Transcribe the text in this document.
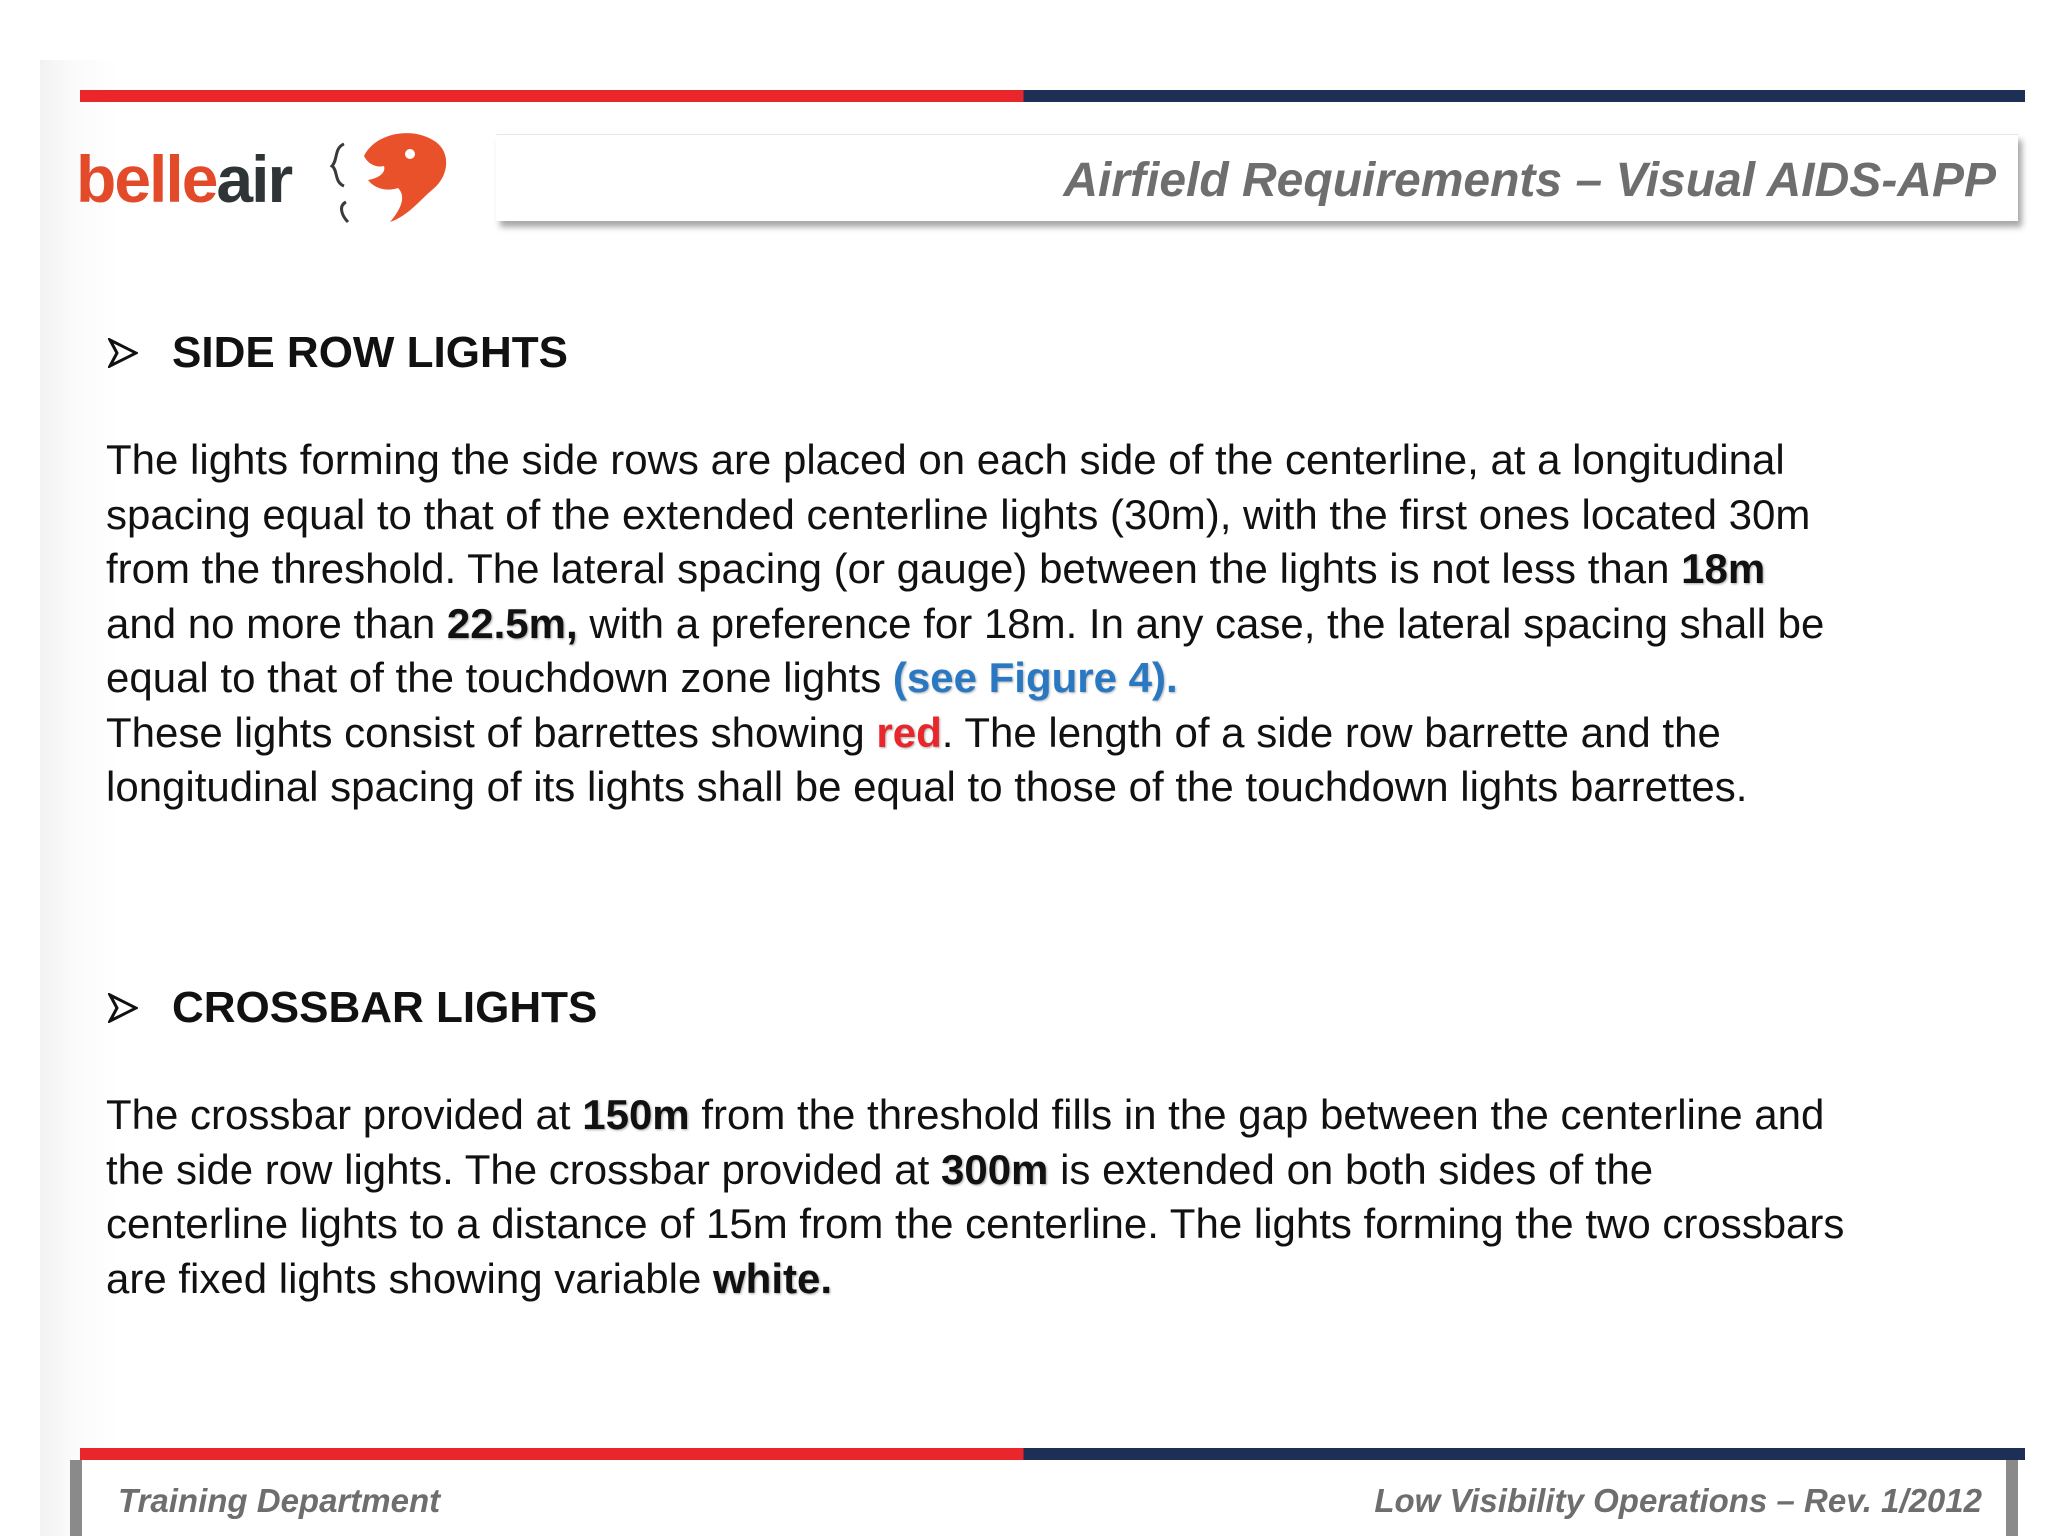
belleair	Airfield Requirements – Visual AIDS-APP
SIDE ROW LIGHTS

The lights forming the side rows are placed on each side of the centerline, at a longitudinal spacing equal to that of the extended centerline lights (30m), with the first ones located 30m from the threshold. The lateral spacing (or gauge) between the lights is not less than 18m and no more than 22.5m, with a preference for 18m. In any case, the lateral spacing shall be equal to that of the touchdown zone lights (see Figure 4).
These lights consist of barrettes showing red. The length of a side row barrette and the longitudinal spacing of its lights shall be equal to those of the touchdown lights barrettes.

CROSSBAR LIGHTS

The crossbar provided at 150m from the threshold fills in the gap between the centerline and the side row lights. The crossbar provided at 300m is extended on both sides of the centerline lights to a distance of 15m from the centerline. The lights forming the two crossbars are fixed lights showing variable white.

Training Department	Low Visibility Operations – Rev. 1/2012
